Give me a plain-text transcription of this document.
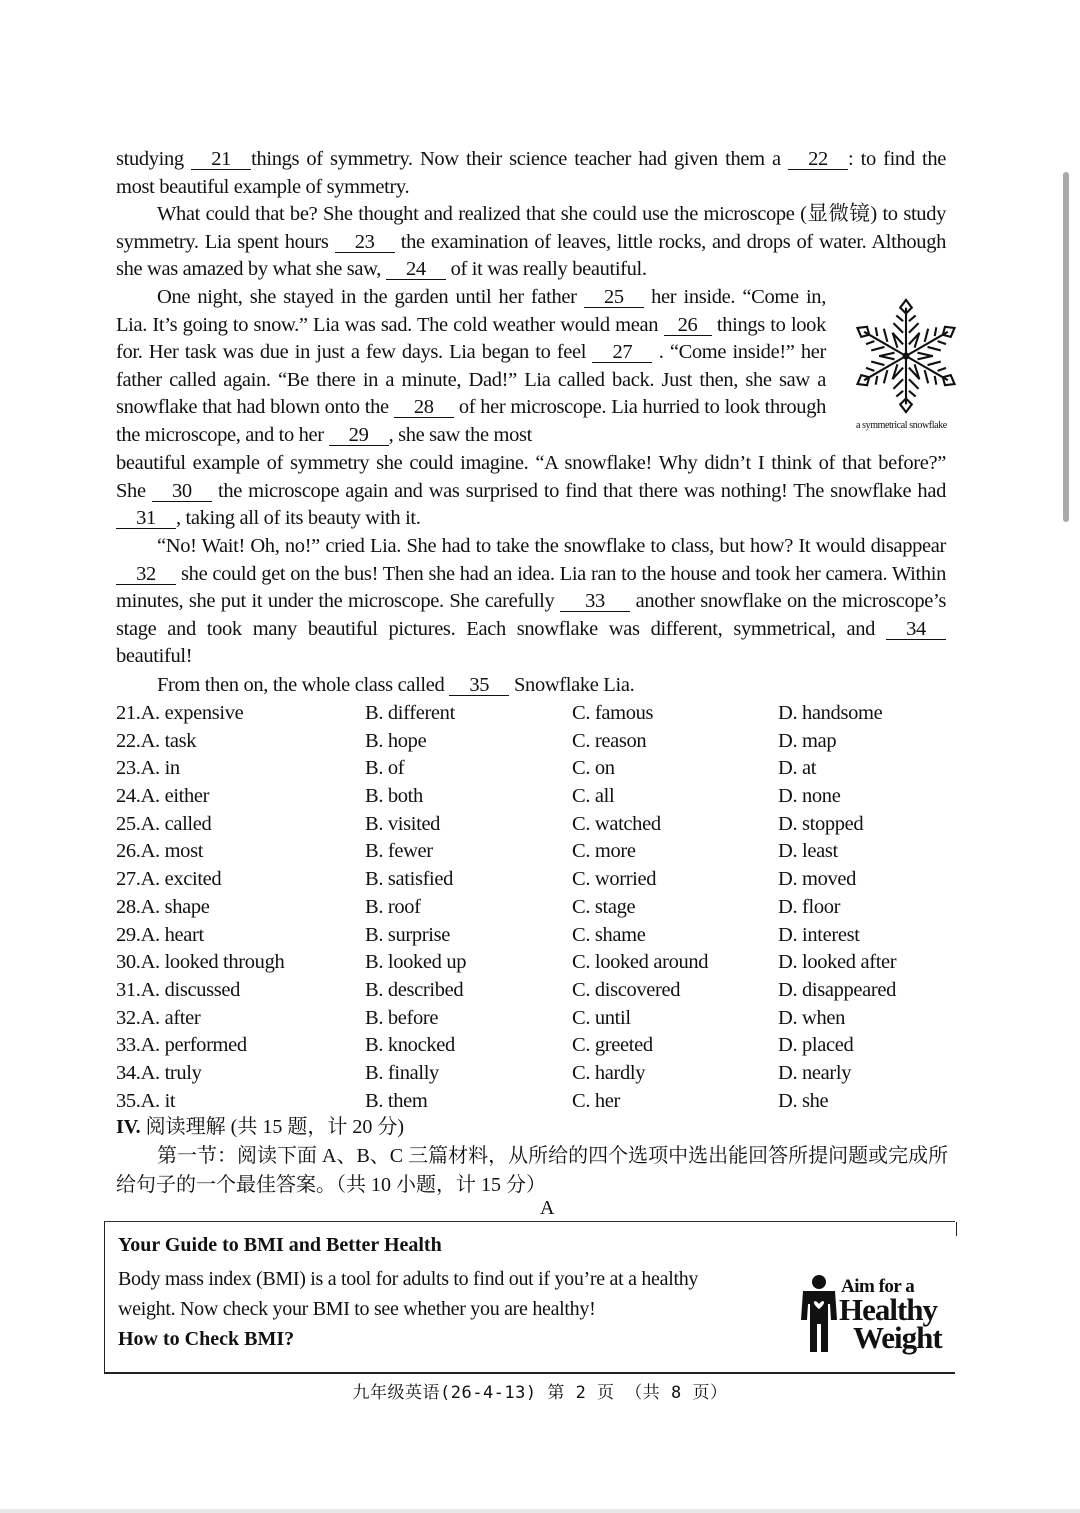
studying 21 things of symmetry. Now their science teacher had given them a 22 : to find the most beautiful example of symmetry.

What could that be? She thought and realized that she could use the microscope (显微镜) to study symmetry. Lia spent hours 23 the examination of leaves, little rocks, and drops of water. Although she was amazed by what she saw, 24 of it was really beautiful.

One night, she stayed in the garden until her father 25 her inside. “Come in, Lia. It’s going to snow.” Lia was sad. The cold weather would mean 26 things to look for. Her task was due in just a few days. Lia began to feel 27 . “Come inside!” her father called again. “Be there in a minute, Dad!” Lia called back. Just then, she saw a snowflake that had blown onto the 28 of her microscope. Lia hurried to look through the microscope, and to her 29 , she saw the most	a symmetrical snowflake

beautiful example of symmetry she could imagine. “A snowflake! Why didn’t I think of that before?” She 30 the microscope again and was surprised to find that there was nothing! The snowflake had 31 , taking all of its beauty with it.

“No! Wait! Oh, no!” cried Lia. She had to take the snowflake to class, but how? It would disappear 32 she could get on the bus! Then she had an idea. Lia ran to the house and took her camera. Within minutes, she put it under the microscope. She carefully 33 another snowflake on the microscope’s stage and took many beautiful pictures. Each snowflake was different, symmetrical, and 34 beautiful!

From then on, the whole class called 35 Snowflake Lia.

21.A. expensive	B. different	C. famous	D. handsome
22.A. task	B. hope	C. reason	D. map
23.A. in	B. of	C. on	D. at
24.A. either	B. both	C. all	D. none
25.A. called	B. visited	C. watched	D. stopped
26.A. most	B. fewer	C. more	D. least
27.A. excited	B. satisfied	C. worried	D. moved
28.A. shape	B. roof	C. stage	D. floor
29.A. heart	B. surprise	C. shame	D. interest
30.A. looked through	B. looked up	C. looked around	D. looked after
31.A. discussed	B. described	C. discovered	D. disappeared
32.A. after	B. before	C. until	D. when
33.A. performed	B. knocked	C. greeted	D. placed
34.A. truly	B. finally	C. hardly	D. nearly
35.A. it	B. them	C. her	D. she
IV. 阅读理解 (共 15 题，计 20 分)

第一节：阅读下面 A、B、C 三篇材料，从所给的四个选项中选出能回答所提问题或完成所给句子的一个最佳答案。（共 10 小题，计 15 分）

A
Your Guide to BMI and Better Health
Body mass index (BMI) is a tool for adults to find out if you’re at a healthy weight. Now check your BMI to see whether you are healthy!
How to Check BMI?
Aim for a
Healthy
Weight
九年级英语(26-4-13) 第 2 页 （共 8 页）
